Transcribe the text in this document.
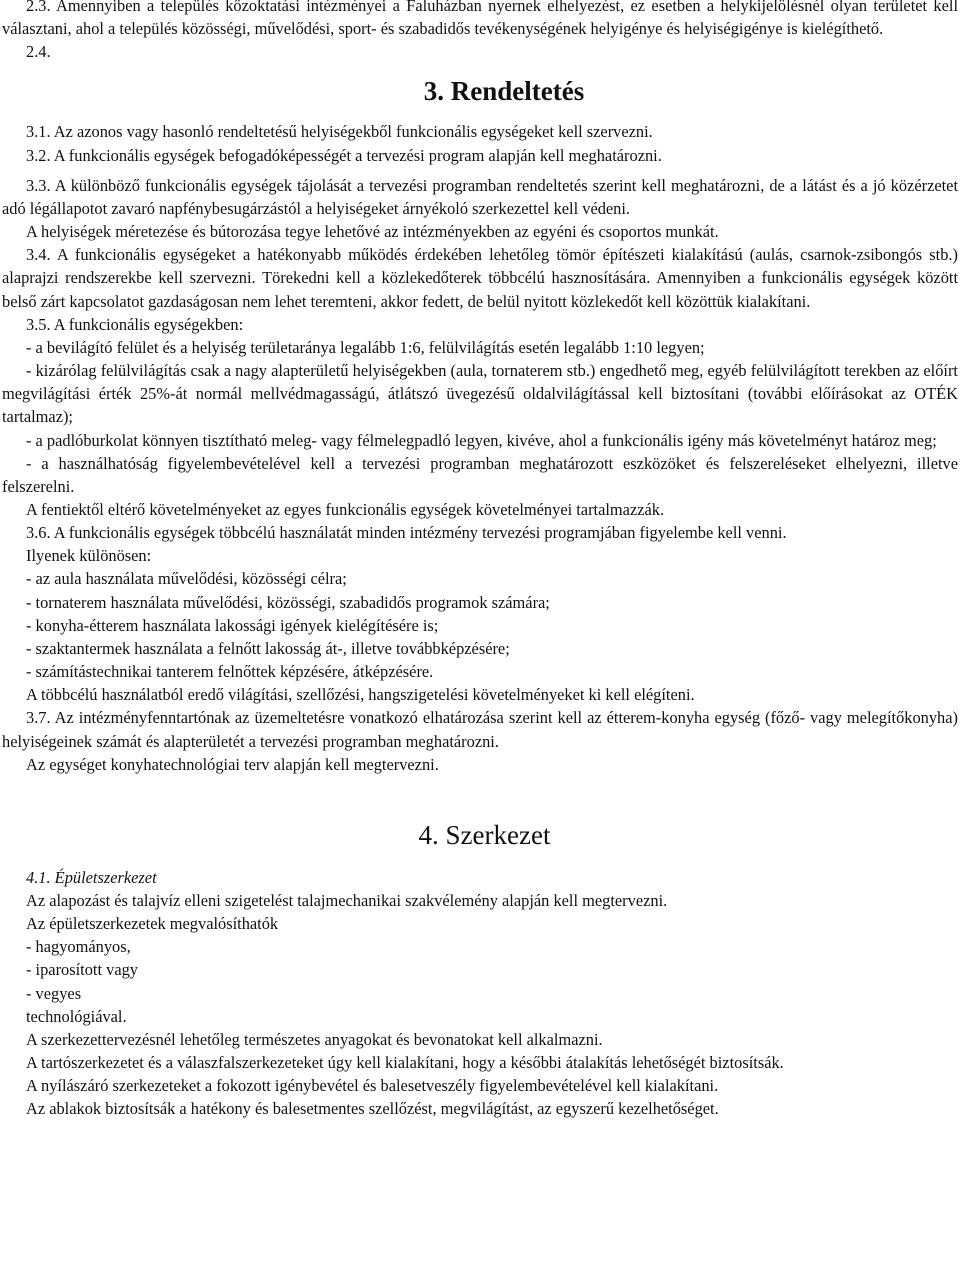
2.3. Amennyiben a település közoktatási intézményei a Faluházban nyernek elhelyezést, ez esetben a helykijelölésnél olyan területet kell választani, ahol a település közösségi, művelődési, sport- és szabadidős tevékenységének helyigénye és helyiségigénye is kielégíthető.

2.4.

3. Rendeltetés

3.1. Az azonos vagy hasonló rendeltetésű helyiségekből funkcionális egységeket kell szervezni.

3.2. A funkcionális egységek befogadóképességét a tervezési program alapján kell meghatározni.

3.3. A különböző funkcionális egységek tájolását a tervezési programban rendeltetés szerint kell meghatározni, de a látást és a jó közérzetet adó légállapotot zavaró napfénybesugárzástól a helyiségeket árnyékoló szerkezettel kell védeni.

A helyiségek méretezése és bútorozása tegye lehetővé az intézményekben az egyéni és csoportos munkát.

3.4. A funkcionális egységeket a hatékonyabb működés érdekében lehetőleg tömör építészeti kialakítású (aulás, csarnok-zsibongós stb.) alaprajzi rendszerekbe kell szervezni. Törekedni kell a közlekedőterek többcélú hasznosítására. Amennyiben a funkcionális egységek között belső zárt kapcsolatot gazdaságosan nem lehet teremteni, akkor fedett, de belül nyitott közlekedőt kell közöttük kialakítani.

3.5. A funkcionális egységekben:

- a bevilágító felület és a helyiség területaránya legalább 1:6, felülvilágítás esetén legalább 1:10 legyen;

- kizárólag felülvilágítás csak a nagy alapterületű helyiségekben (aula, tornaterem stb.) engedhető meg, egyéb felülvilágított terekben az előírt megvilágítási érték 25%-át normál mellvédmagasságú, átlátszó üvegezésű oldalvilágítással kell biztosítani (további előírásokat az OTÉK tartalmaz);

- a padlóburkolat könnyen tisztítható meleg- vagy félmelegpadló legyen, kivéve, ahol a funkcionális igény más követelményt határoz meg;

- a használhatóság figyelembevételével kell a tervezési programban meghatározott eszközöket és felszereléseket elhelyezni, illetve felszerelni.

A fentiektől eltérő követelményeket az egyes funkcionális egységek követelményei tartalmazzák.

3.6. A funkcionális egységek többcélú használatát minden intézmény tervezési programjában figyelembe kell venni.

Ilyenek különösen:

- az aula használata művelődési, közösségi célra;

- tornaterem használata művelődési, közösségi, szabadidős programok számára;

- konyha-étterem használata lakossági igények kielégítésére is;

- szaktantermek használata a felnőtt lakosság át-, illetve továbbképzésére;

- számítástechnikai tanterem felnőttek képzésére, átképzésére.

A többcélú használatból eredő világítási, szellőzési, hangszigetelési követelményeket ki kell elégíteni.

3.7. Az intézményfenntartónak az üzemeltetésre vonatkozó elhatározása szerint kell az étterem-konyha egység (főző- vagy melegítőkonyha) helyiségeinek számát és alapterületét a tervezési programban meghatározni.

Az egységet konyhatechnológiai terv alapján kell megtervezni.

4. Szerkezet

4.1. Épületszerkezet

Az alapozást és talajvíz elleni szigetelést talajmechanikai szakvélemény alapján kell megtervezni.

Az épületszerkezetek megvalósíthatók

- hagyományos,

- iparosított vagy

- vegyes

technológiával.

A szerkezettervezésnél lehetőleg természetes anyagokat és bevonatokat kell alkalmazni.

A tartószerkezetet és a válaszfalszerkezeteket úgy kell kialakítani, hogy a későbbi átalakítás lehetőségét biztosítsák.

A nyílászáró szerkezeteket a fokozott igénybevétel és balesetveszély figyelembevételével kell kialakítani.

Az ablakok biztosítsák a hatékony és balesetmentes szellőzést, megvilágítást, az egyszerű kezelhetőséget.
